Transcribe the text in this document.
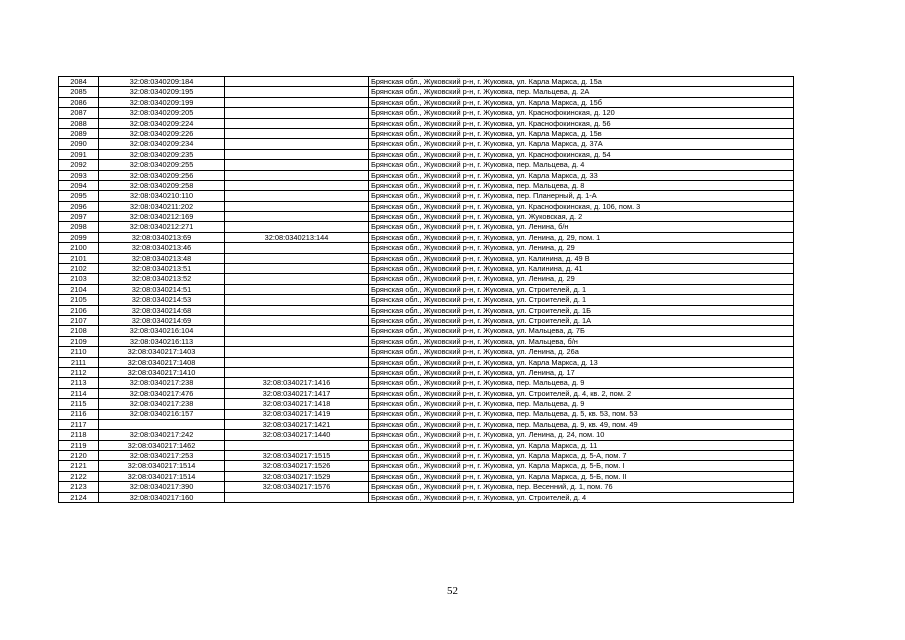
2084	32:08:0340209:184		Брянская обл., Жуковский р-н, г. Жуковка, ул. Карла Маркса, д. 15а
2085	32:08:0340209:195		Брянская обл., Жуковский р-н, г. Жуковка, пер. Мальцева, д. 2А
2086	32:08:0340209:199		Брянская обл., Жуковский р-н, г. Жуковка, ул. Карла Маркса, д. 15б
2087	32:08:0340209:205		Брянская обл., Жуковский р-н, г. Жуковка, ул. Краснофокинская, д. 120
2088	32:08:0340209:224		Брянская обл., Жуковский р-н, г. Жуковка, ул. Краснофокинская, д. 56
2089	32:08:0340209:226		Брянская обл., Жуковский р-н, г. Жуковка, ул. Карла Маркса, д. 15в
2090	32:08:0340209:234		Брянская обл., Жуковский р-н, г. Жуковка, ул. Карла Маркса, д. 37А
2091	32:08:0340209:235		Брянская обл., Жуковский р-н, г. Жуковка, ул. Краснофокинская, д. 54
2092	32:08:0340209:255		Брянская обл., Жуковский р-н, г. Жуковка, пер. Мальцева, д. 4
2093	32:08:0340209:256		Брянская обл., Жуковский р-н, г. Жуковка, ул. Карла Маркса, д. 33
2094	32:08:0340209:258		Брянская обл., Жуковский р-н, г. Жуковка, пер. Мальцева, д. 8
2095	32:08:0340210:110		Брянская обл., Жуковский р-н, г. Жуковка, пер. Планерный, д. 1-А
2096	32:08:0340211:202		Брянская обл., Жуковский р-н, г. Жуковка, ул. Краснофокинская, д. 106, пом. 3
2097	32:08:0340212:169		Брянская обл., Жуковский р-н, г. Жуковка, ул. Жуковская, д. 2
2098	32:08:0340212:271		Брянская обл., Жуковский р-н, г. Жуковка, ул. Ленина, б/н
2099	32:08:0340213:69	32:08:0340213:144	Брянская обл., Жуковский р-н, г. Жуковка, ул. Ленина, д. 29, пом. 1
2100	32:08:0340213:46		Брянская обл., Жуковский р-н, г. Жуковка, ул. Ленина, д. 29
2101	32:08:0340213:48		Брянская обл., Жуковский р-н, г. Жуковка, ул. Калинина, д. 49 В
2102	32:08:0340213:51		Брянская обл., Жуковский р-н, г. Жуковка, ул. Калинина, д. 41
2103	32:08:0340213:52		Брянская обл., Жуковский р-н, г. Жуковка, ул. Ленина, д. 29
2104	32:08:0340214:51		Брянская обл., Жуковский р-н, г. Жуковка, ул. Строителей, д. 1
2105	32:08:0340214:53		Брянская обл., Жуковский р-н, г. Жуковка, ул. Строителей, д. 1
2106	32:08:0340214:68		Брянская обл., Жуковский р-н, г. Жуковка, ул. Строителей, д. 1Б
2107	32:08:0340214:69		Брянская обл., Жуковский р-н, г. Жуковка, ул. Строителей, д. 1А
2108	32:08:0340216:104		Брянская обл., Жуковский р-н, г. Жуковка, ул. Мальцева, д. 7Б
2109	32:08:0340216:113		Брянская обл., Жуковский р-н, г. Жуковка, ул. Мальцева, б/н
2110	32:08:0340217:1403		Брянская обл., Жуковский р-н, г. Жуковка, ул. Ленина, д. 26а
2111	32:08:0340217:1408		Брянская обл., Жуковский р-н, г. Жуковка, ул. Карла Маркса, д. 13
2112	32:08:0340217:1410		Брянская обл., Жуковский р-н, г. Жуковка, ул. Ленина, д. 17
2113	32:08:0340217:238	32:08:0340217:1416	Брянская обл., Жуковский р-н, г. Жуковка, пер. Мальцева, д. 9
2114	32:08:0340217:476	32:08:0340217:1417	Брянская обл., Жуковский р-н, г. Жуковка, ул. Строителей, д. 4, кв. 2, пом. 2
2115	32:08:0340217:238	32:08:0340217:1418	Брянская обл., Жуковский р-н, г. Жуковка, пер. Мальцева, д. 9
2116	32:08:0340216:157	32:08:0340217:1419	Брянская обл., Жуковский р-н, г. Жуковка, пер. Мальцева, д. 5, кв. 53, пом. 53
2117		32:08:0340217:1421	Брянская обл., Жуковский р-н, г. Жуковка, пер. Мальцева, д. 9, кв. 49, пом. 49
2118	32:08:0340217:242	32:08:0340217:1440	Брянская обл., Жуковский р-н, г. Жуковка, ул. Ленина, д. 24, пом. 10
2119	32:08:0340217:1462		Брянская обл., Жуковский р-н, г. Жуковка, ул. Карла Маркса, д. 11
2120	32:08:0340217:253	32:08:0340217:1515	Брянская обл., Жуковский р-н, г. Жуковка, ул. Карла Маркса, д. 5-А, пом. 7
2121	32:08:0340217:1514	32:08:0340217:1526	Брянская обл., Жуковский р-н, г. Жуковка, ул. Карла Маркса, д. 5-Б, пом. I
2122	32:08:0340217:1514	32:08:0340217:1529	Брянская обл., Жуковский р-н, г. Жуковка, ул. Карла Маркса, д. 5-Б, пом. II
2123	32:08:0340217:390	32:08:0340217:1576	Брянская обл., Жуковский р-н, г. Жуковка, пер. Весенний, д. 1, пом. 76
2124	32:08:0340217:160		Брянская обл., Жуковский р-н, г. Жуковка, ул. Строителей, д. 4
52
